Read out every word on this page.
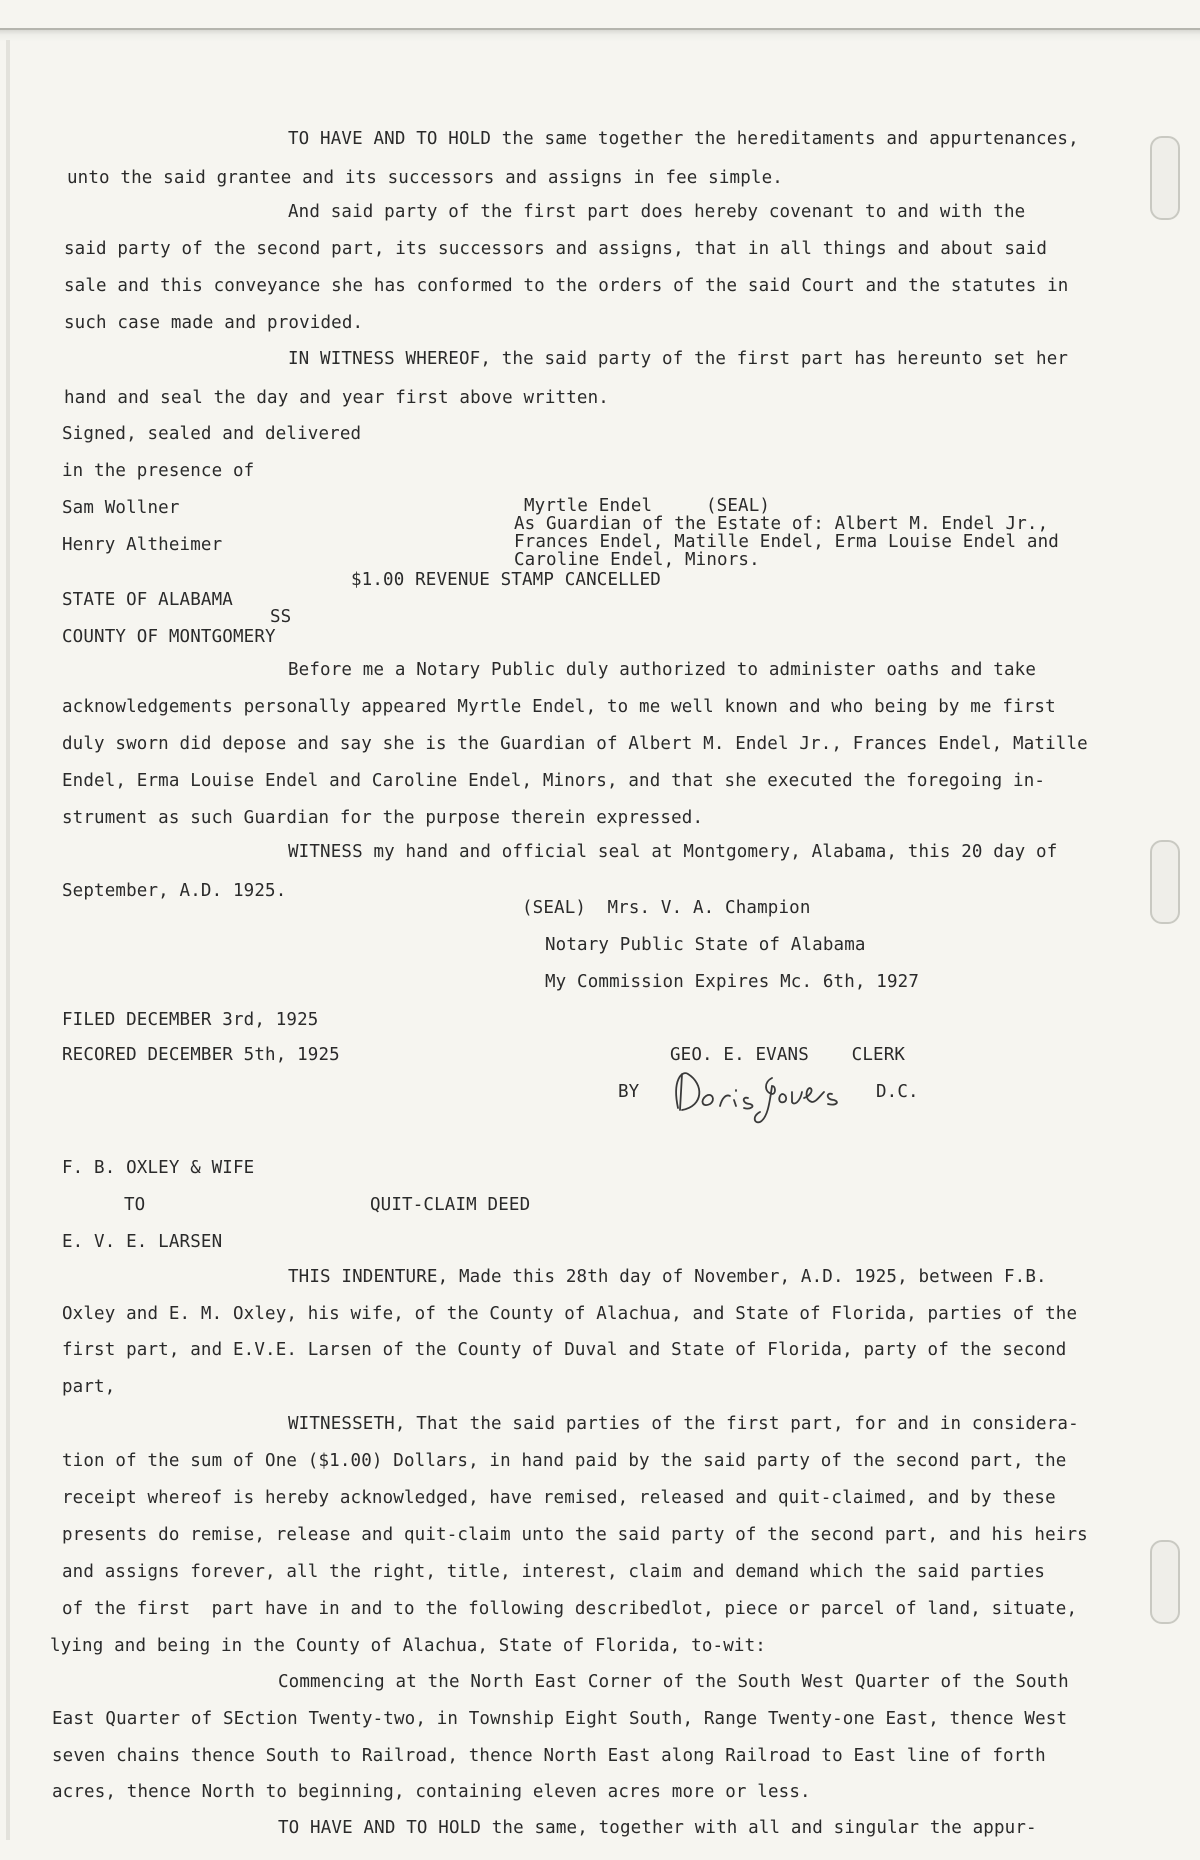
TO HAVE AND TO HOLD the same together the hereditaments and appurtenances,
unto the said grantee and its successors and assigns in fee simple.
And said party of the first part does hereby covenant to and with the
said party of the second part, its successors and assigns, that in all things and about said
sale and this conveyance she has conformed to the orders of the said Court and the statutes in
such case made and provided.
IN WITNESS WHEREOF, the said party of the first part has hereunto set her
hand and seal the day and year first above written.
Signed, sealed and delivered
in the presence of
Sam Wollner
Henry Altheimer
Myrtle Endel	(SEAL)
As Guardian of the Estate of: Albert M. Endel Jr.,
Frances Endel, Matille Endel, Erma Louise Endel and
Caroline Endel, Minors.
$1.00 REVENUE STAMP CANCELLED
STATE OF ALABAMA
SS
COUNTY OF MONTGOMERY
Before me a Notary Public duly authorized to administer oaths and take
acknowledgements personally appeared Myrtle Endel, to me well known and who being by me first
duly sworn did depose and say she is the Guardian of Albert M. Endel Jr., Frances Endel, Matille
Endel, Erma Louise Endel and Caroline Endel, Minors, and that she executed the foregoing in-
strument as such Guardian for the purpose therein expressed.
WITNESS my hand and official seal at Montgomery, Alabama, this 20 day of
September, A.D. 1925.
(SEAL)  Mrs. V. A. Champion
Notary Public State of Alabama
My Commission Expires Mc. 6th, 1927
FILED DECEMBER 3rd, 1925
RECORED DECEMBER 5th, 1925	GEO. E. EVANS    CLERK
BY	D.C.
F. B. OXLEY & WIFE
TO	QUIT-CLAIM DEED
E. V. E. LARSEN
THIS INDENTURE, Made this 28th day of November, A.D. 1925, between F.B.
Oxley and E. M. Oxley, his wife, of the County of Alachua, and State of Florida, parties of the
first part, and E.V.E. Larsen of the County of Duval and State of Florida, party of the second
part,
WITNESSETH, That the said parties of the first part, for and in considera-
tion of the sum of One ($1.00) Dollars, in hand paid by the said party of the second part, the
receipt whereof is hereby acknowledged, have remised, released and quit-claimed, and by these
presents do remise, release and quit-claim unto the said party of the second part, and his heirs
and assigns forever, all the right, title, interest, claim and demand which the said parties
of the first  part have in and to the following describedlot, piece or parcel of land, situate,
lying and being in the County of Alachua, State of Florida, to-wit:
Commencing at the North East Corner of the South West Quarter of the South
East Quarter of SEction Twenty-two, in Township Eight South, Range Twenty-one East, thence West
seven chains thence South to Railroad, thence North East along Railroad to East line of forth
acres, thence North to beginning, containing eleven acres more or less.
TO HAVE AND TO HOLD the same, together with all and singular the appur-
